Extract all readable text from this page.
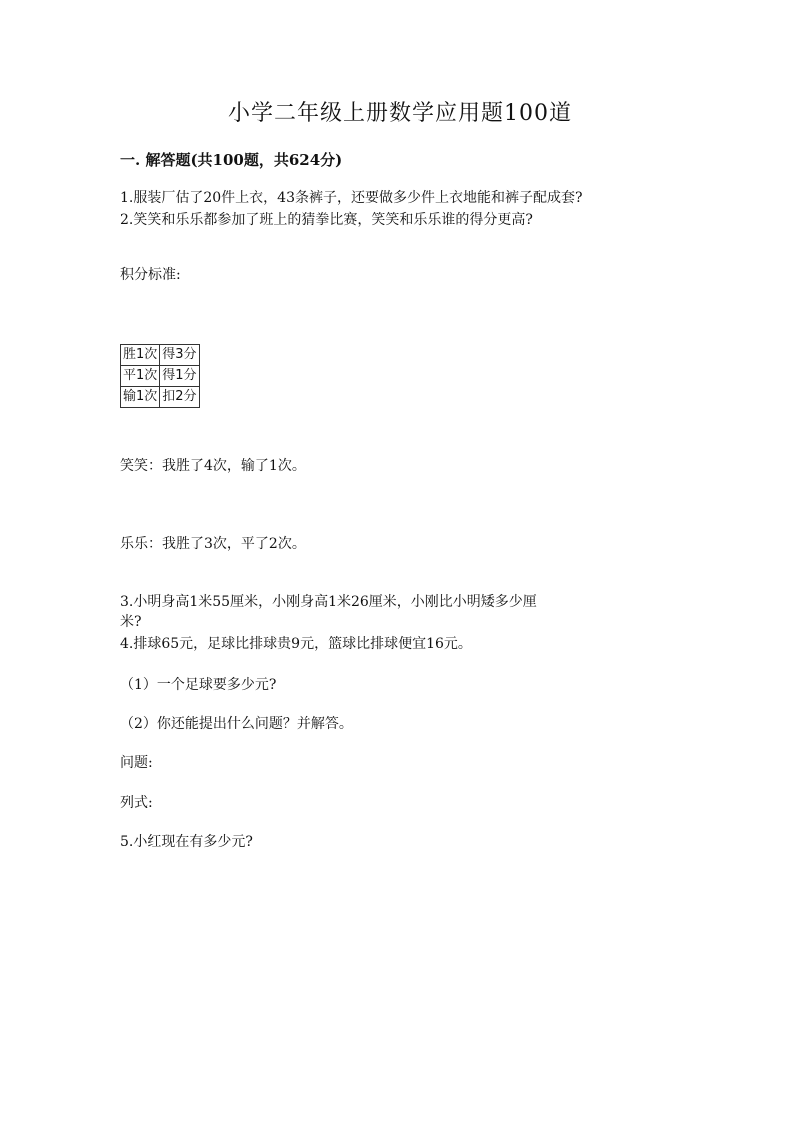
小学二年级上册数学应用题100道
一. 解答题(共100题，共624分)
1.服装厂估了20件上衣，43条裤子，还要做多少件上衣地能和裤子配成套?
2.笑笑和乐乐都参加了班上的猜拳比赛，笑笑和乐乐谁的得分更高?
积分标准:
胜1次	得3分
平1次	得1分
输1次	扣2分
笑笑：我胜了4次，输了1次。
乐乐：我胜了3次，平了2次。
3.小明身高1米55厘米，小刚身高1米26厘米，小刚比小明矮多少厘
米?
4.排球65元，足球比排球贵9元，篮球比排球便宜16元。
（1）一个足球要多少元?
（2）你还能提出什么问题？并解答。
问题:
列式:
5.小红现在有多少元?
